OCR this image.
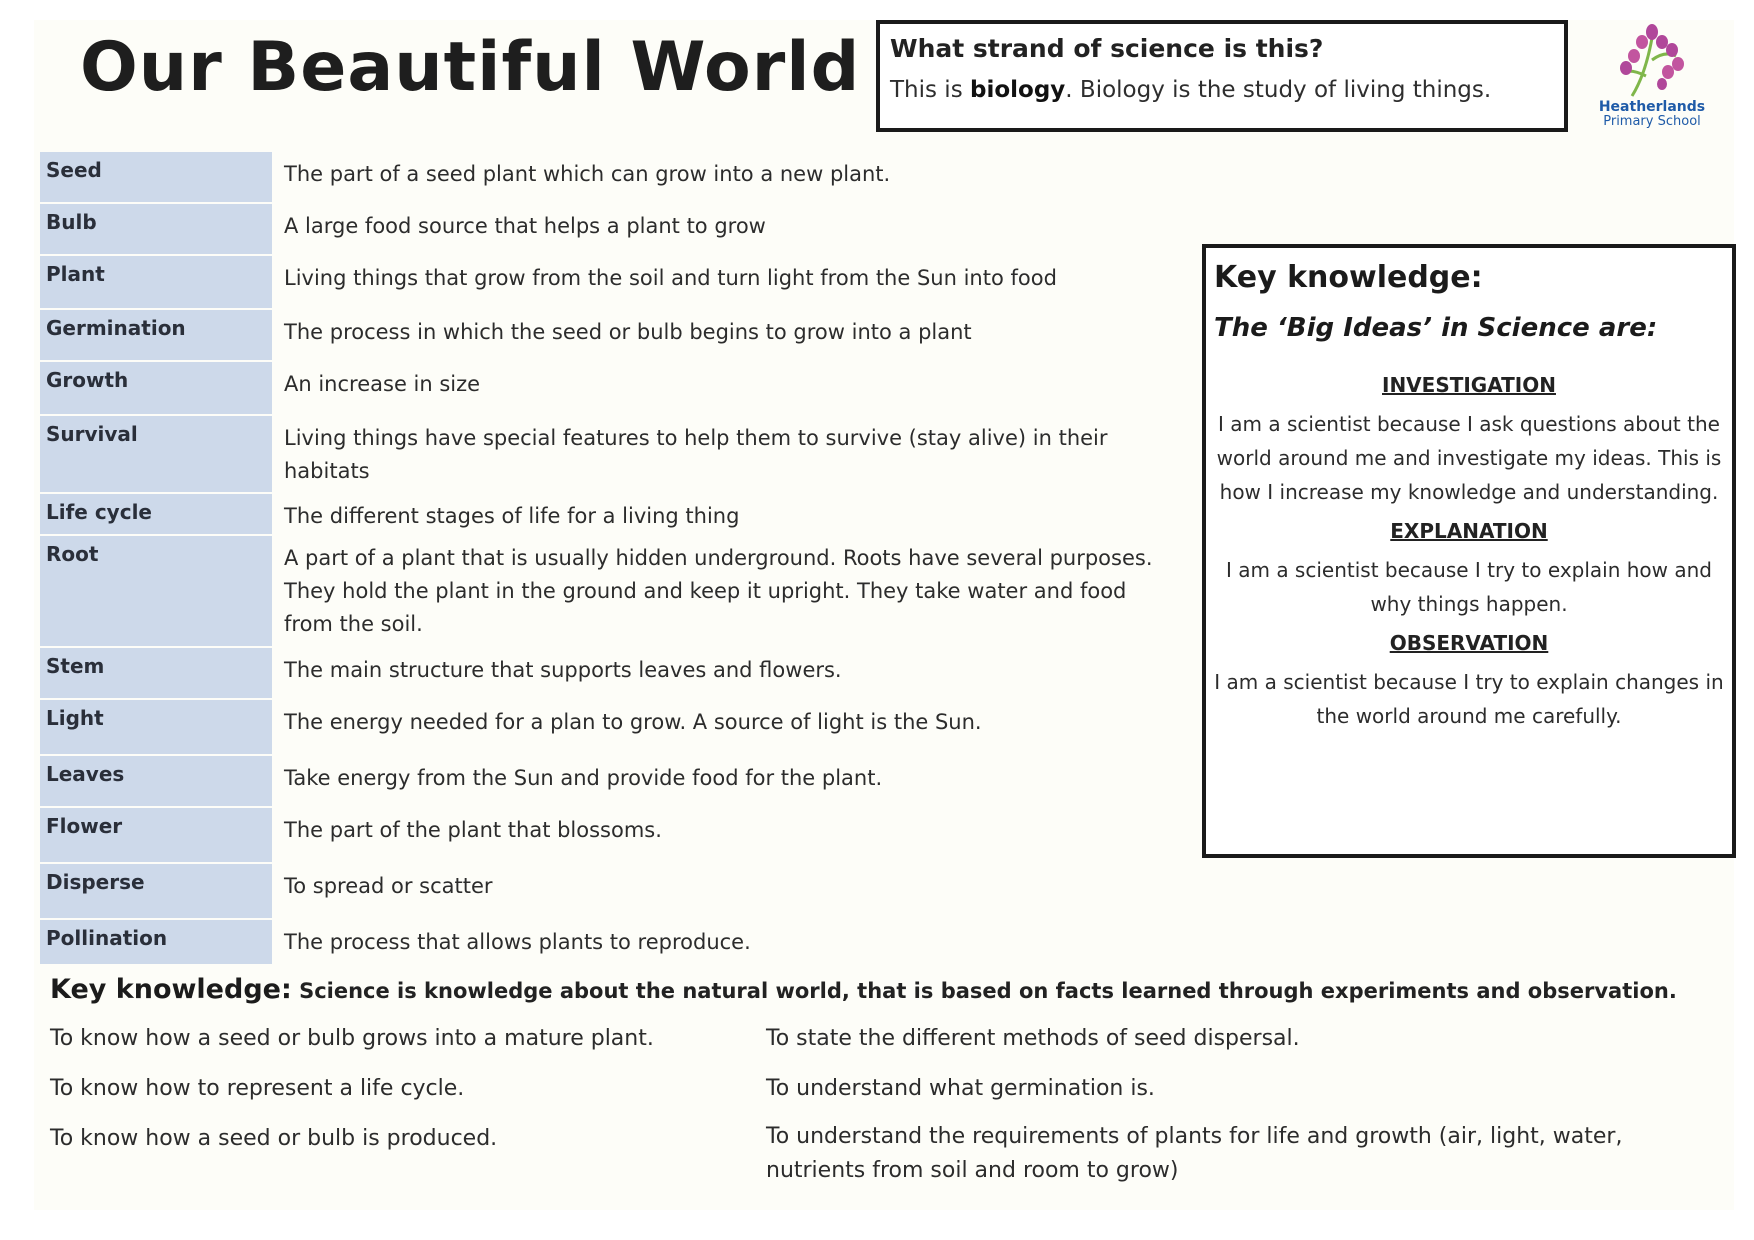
Our Beautiful World What strand of science is this?
This is biology. Biology is the study of living things.
Heatherlands
Primary School
Seed	The part of a seed plant which can grow into a new plant.
Bulb	A large food source that helps a plant to grow
Plant	Living things that grow from the soil and turn light from the Sun into food
Germination	The process in which the seed or bulb begins to grow into a plant
Growth	An increase in size
Survival	Living things have special features to help them to survive (stay alive) in their habitats
Life cycle	The different stages of life for a living thing
Root	A part of a plant that is usually hidden underground. Roots have several purposes. They hold the plant in the ground and keep it upright. They take water and food from the soil.
Stem	The main structure that supports leaves and flowers.
Light	The energy needed for a plan to grow. A source of light is the Sun.
Leaves	Take energy from the Sun and provide food for the plant.
Flower	The part of the plant that blossoms.
Disperse	To spread or scatter
Pollination	The process that allows plants to reproduce.
Key knowledge:
The ‘Big Ideas’ in Science are:
INVESTIGATION
I am a scientist because I ask questions about the world around me and investigate my ideas. This is how I increase my knowledge and understanding.
EXPLANATION
I am a scientist because I try to explain how and why things happen.
OBSERVATION
I am a scientist because I try to explain changes in the world around me carefully.
Key knowledge: Science is knowledge about the natural world, that is based on facts learned through experiments and observation.
To know how a seed or bulb grows into a mature plant.
To know how to represent a life cycle.
To know how a seed or bulb is produced.
To state the different methods of seed dispersal.
To understand what germination is.
To understand the requirements of plants for life and growth (air, light, water, nutrients from soil and room to grow)
